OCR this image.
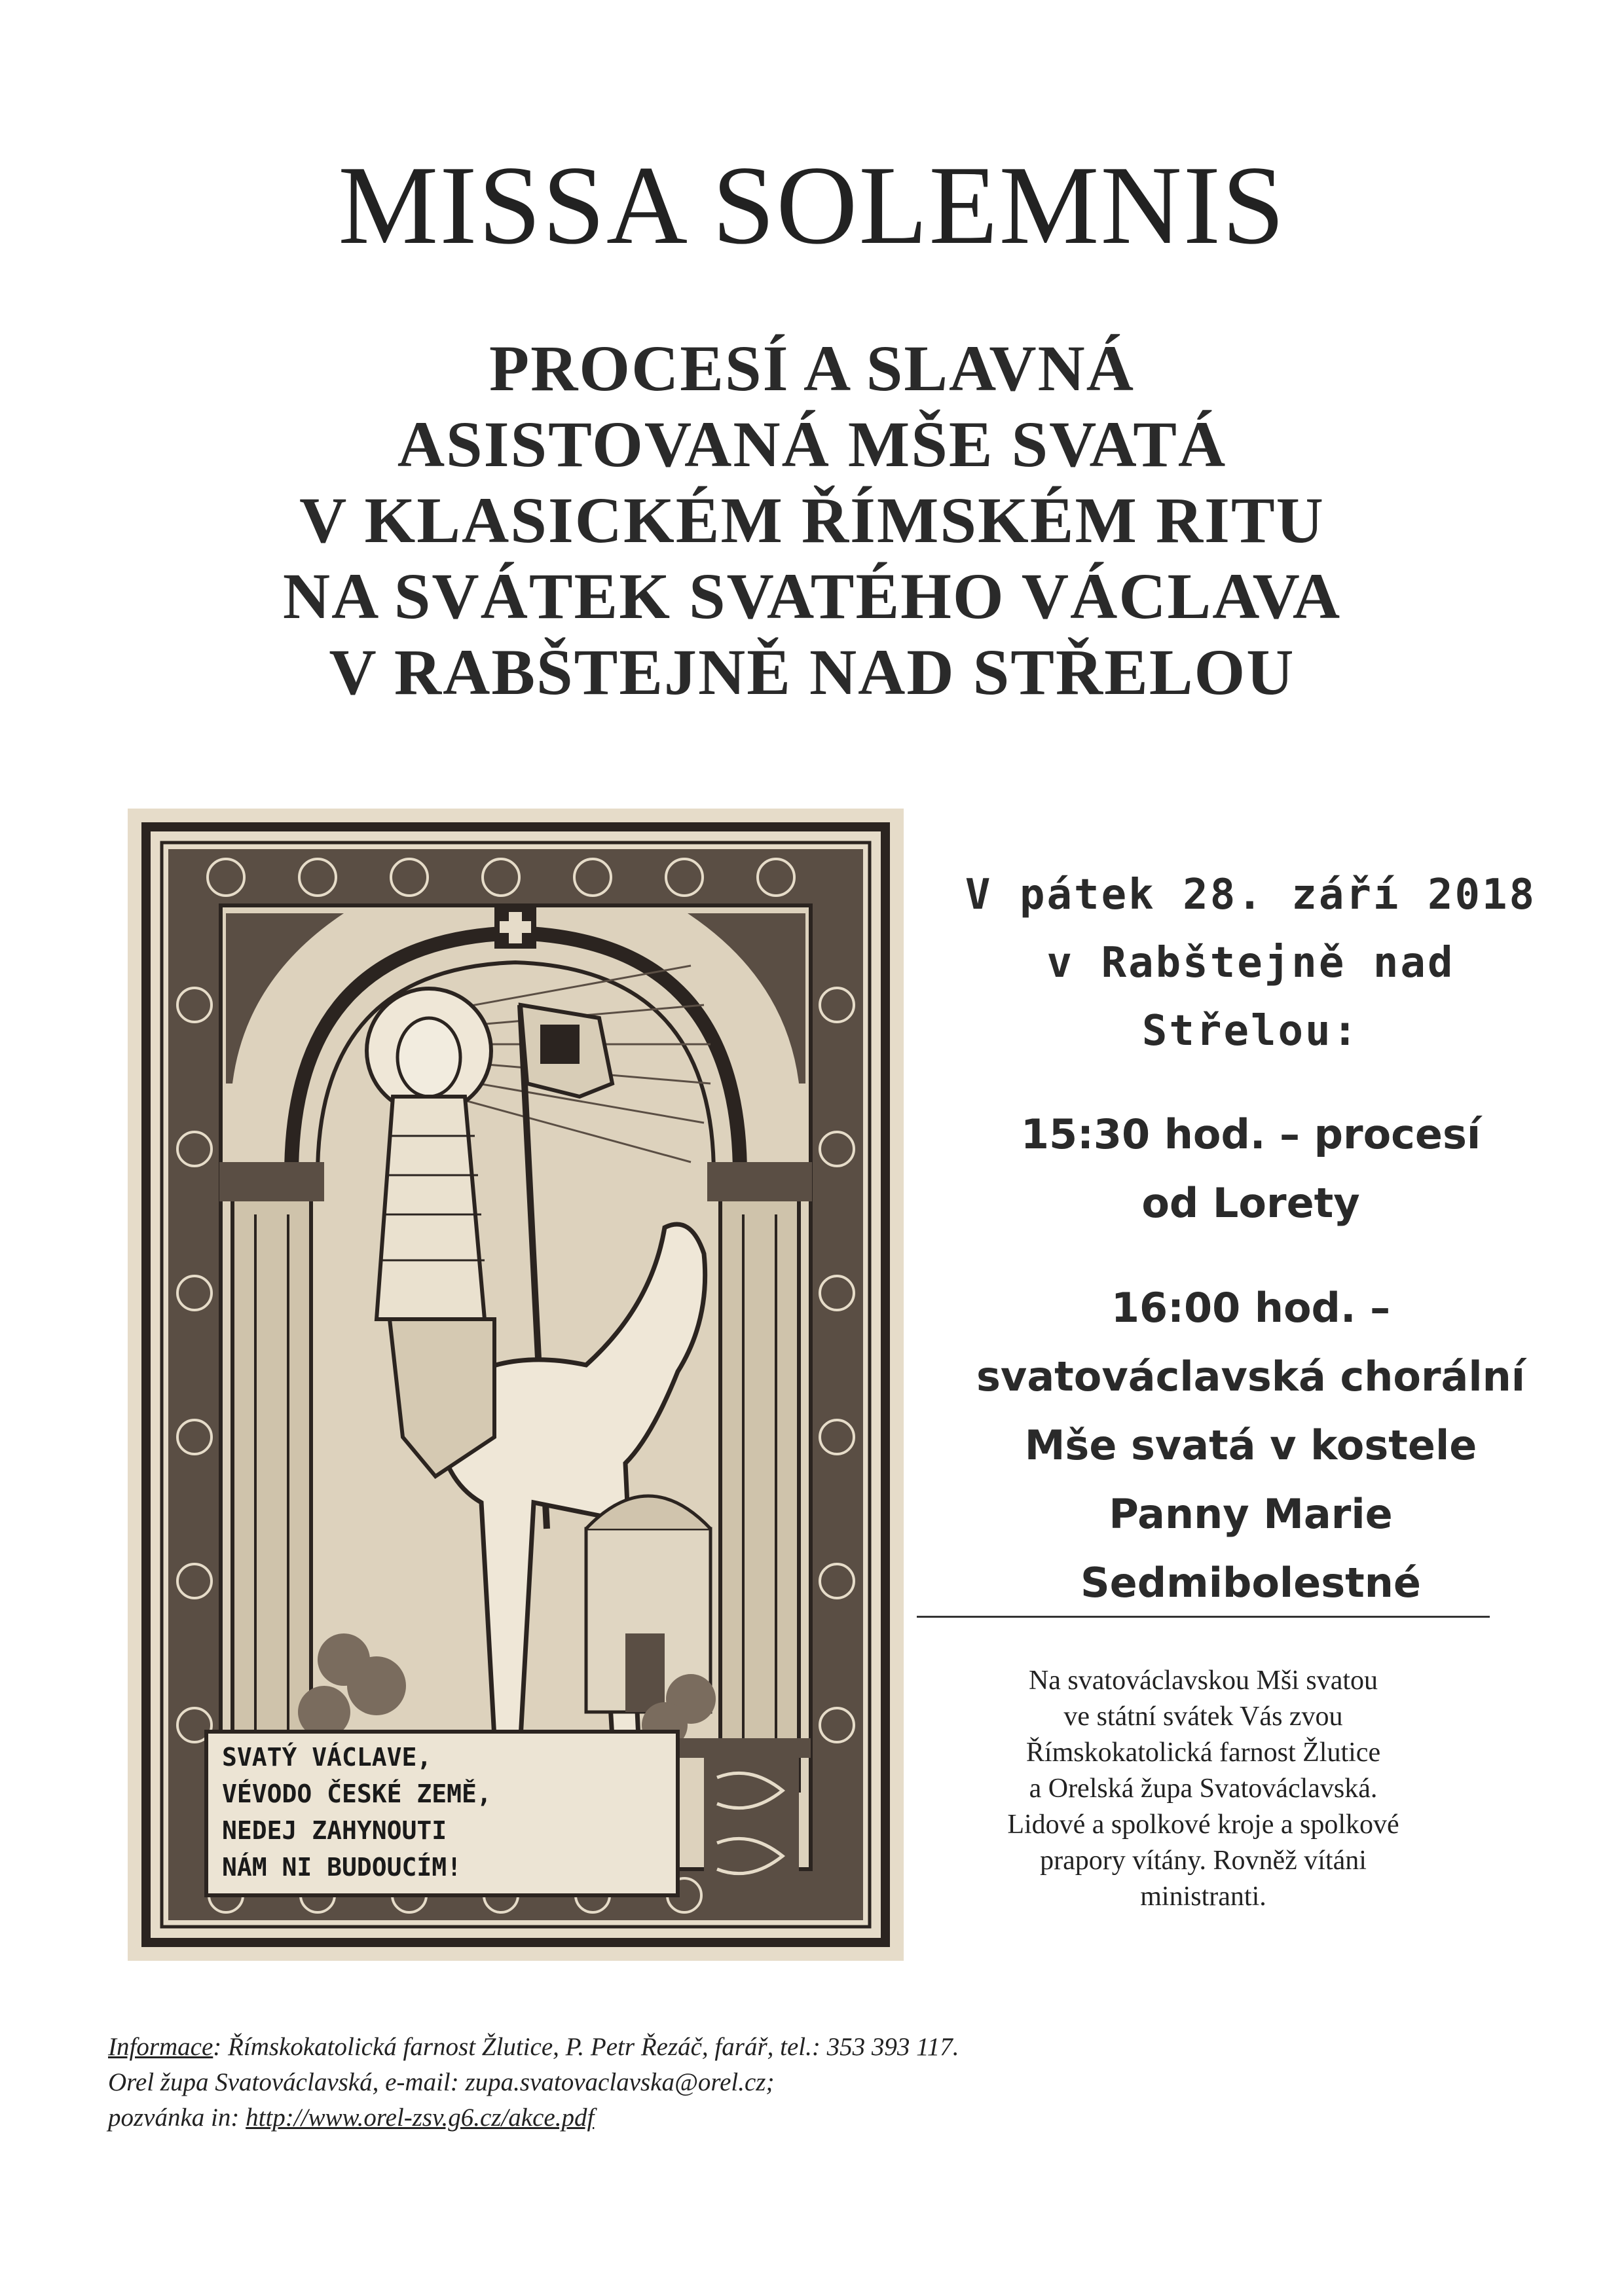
MISSA SOLEMNIS
PROCESÍ A SLAVNÁ
ASISTOVANÁ MŠE SVATÁ
V KLASICKÉM ŘÍMSKÉM RITU
NA SVÁTEK SVATÉHO VÁCLAVA
V RABŠTEJNĚ NAD STŘELOU
SVATÝ VÁCLAVE,
VÉVODO ČESKÉ ZEMĚ,
NEDEJ ZAHYNOUTI
NÁM NI BUDOUCÍM!
V pátek 28. září 2018
v Rabštejně nad
Střelou:
15:30 hod. – procesí
od Lorety
16:00 hod. –
svatováclavská chorální
Mše svatá v kostele
Panny Marie
Sedmibolestné
Na svatováclavskou Mši svatou
ve státní svátek Vás zvou
Římskokatolická farnost Žlutice
a Orelská župa Svatováclavská.
Lidové a spolkové kroje a spolkové
prapory vítány. Rovněž vítáni
ministranti.
Informace: Římskokatolická farnost Žlutice, P. Petr Řezáč, farář, tel.: 353 393 117.
Orel župa Svatováclavská, e-mail: zupa.svatovaclavska@orel.cz;
pozvánka in: http://www.orel-zsv.g6.cz/akce.pdf
